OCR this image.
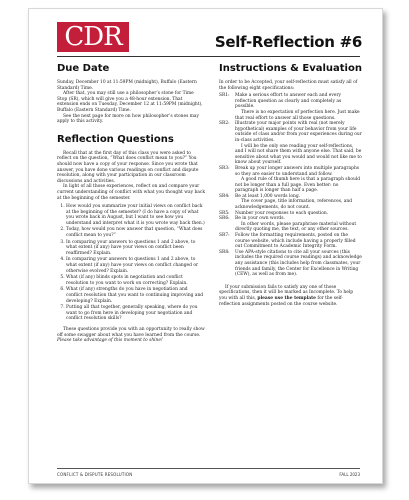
CDR	Self-Reflection #6
Due Date

Sunday, December 10 at 11:59PM (midnight), Buffalo (Eastern Standard) Time.

After that, you may still use a philosopher’s stone for Time Stop (SR), which will give you a 48-hour extension. That extension ends on Tuesday, December 12 at 11:59PM (midnight), Buffalo (Eastern Standard) Time.

See the next page for more on how philosopher’s stones may apply to this activity.

Reflection Questions

Recall that at the first day of this class you were asked to reflect on the question, “What does conflict mean to you?” You should now have a copy of your response. Since you wrote that answer, you have done various readings on conflict and dispute resolution, along with your participation in our classroom discussions and activities.

In light of all those experiences, reflect on and compare your current understanding of conflict with what you thought way back at the beginning of the semester.

1. How would you summarize your initial views on conflict back at the beginning of the semester? (I do have a copy of what you wrote back in August, but I want to see how you understand and interpret what it is you wrote way back then.)
2. Today, how would you now answer that question, “What does conflict mean to you?”
3. In comparing your answers to questions 1 and 2 above, to what extent (if any) have your views on conflict been reaffirmed? Explain.
4. In comparing your answers to questions 1 and 2 above, to what extent (if any) have your views on conflict changed or otherwise evolved? Explain.
5. What (if any) blinds spots in negotiation and conflict resolution to you want to work on correcting? Explain.
6. What (if any) strengths do you have in negotiation and conflict resolution that you want to continuing improving and developing? Explain.
7. Putting all that together, generally speaking, where do you want to go from here in developing your negotiation and conflict resolution skills?

These questions provide you with an opportunity to really show off some swagger about what you have learned from the course. Please take advantage of this moment to shine!

Instructions & Evaluation

In order to be Accepted, your self-reflection must satisfy all of the following eight specifications:

SR1: Make a serious effort to answer each and every reflection question as clearly and completely as possible.
There is no expectation of perfection here. Just make that real effort to answer all those questions.
SR2: Illustrate your major points with real (not merely hypothetical) examples of your behavior from your life outside of class and/or from your experiences during our in-class activities.
I will be the only one reading your self-reflections, and I will not share them with anyone else. That said, be sensitive about what you would and would not like me to know about yourself.
SR3: Break up your longer answers into multiple paragraphs so they are easier to understand and follow.
A good rule of thumb here is that a paragraph should not be longer than a full page. Even better: no paragraph is longer than half a page.
SR4: Be at least 1,000 words long.
The cover page, title information, references, and acknowledgements, do not count.
SR5: Number your responses to each question.
SR6: Be in your own words.
In other words, please paraphrase material without directly quoting me, the text, or any other sources.
SR7: Follow the formatting requirements, posted on the course website, which include having a properly filled out Commitment to Academic Integrity Form.
SR8: Use APA-style citations to cite all your sources (this includes the required course readings) and acknowledge any assistance (this includes help from classmates, your friends and family, the Center for Excellence in Writing (CEW), as well as from me).

If your submission fails to satisfy any one of those specifications, then it will be marked as Incomplete. To help you with all this, please use the template for the self-reflection assignments posted on the course website.

CONFLICT & DISPUTE RESOLUTION	FALL 2023
